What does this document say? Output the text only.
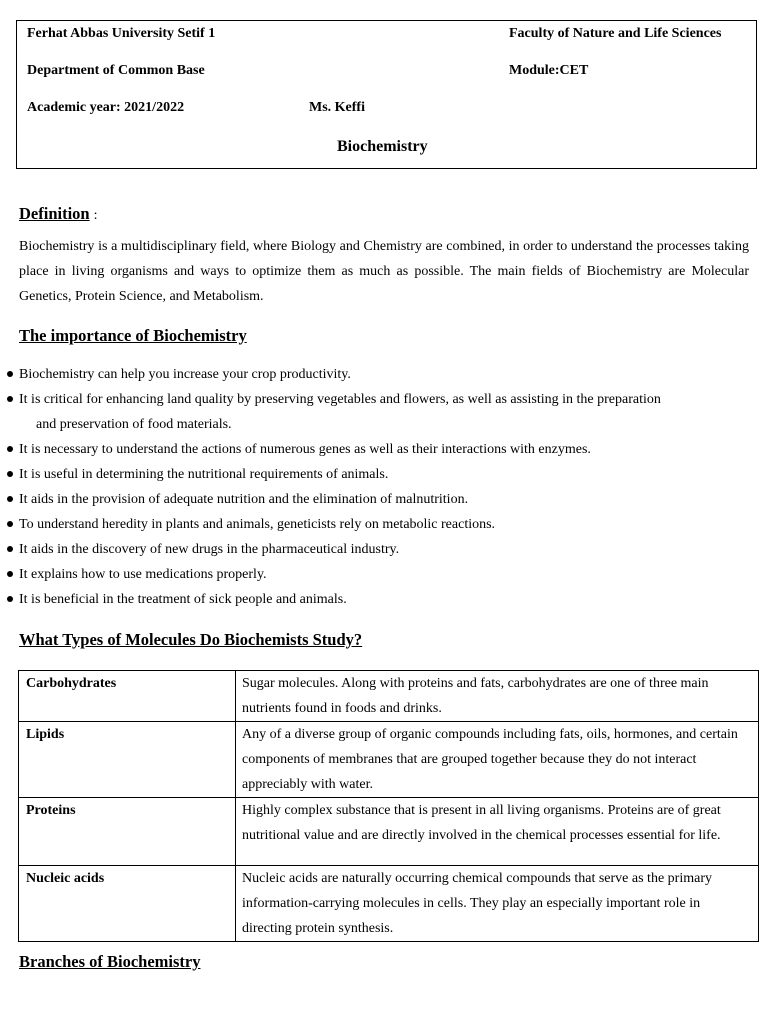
Ferhat Abbas University Setif 1	Faculty of Nature and Life Sciences
Department of Common Base	Module:CET
Academic year: 2021/2022	Ms. Keffi
Biochemistry
Definition :

Biochemistry is a multidisciplinary field, where Biology and Chemistry are combined, in order to understand the processes taking place in living organisms and ways to optimize them as much as possible. The main fields of Biochemistry are Molecular Genetics, Protein Science, and Metabolism.

The importance of Biochemistry
Biochemistry can help you increase your crop productivity.
It is critical for enhancing land quality by preserving vegetables and flowers, as well as assisting in the preparation
and preservation of food materials.
It is necessary to understand the actions of numerous genes as well as their interactions with enzymes.
It is useful in determining the nutritional requirements of animals.
It aids in the provision of adequate nutrition and the elimination of malnutrition.
To understand heredity in plants and animals, geneticists rely on metabolic reactions.
It aids in the discovery of new drugs in the pharmaceutical industry.
It explains how to use medications properly.
It is beneficial in the treatment of sick people and animals.
What Types of Molecules Do Biochemists Study?
Carbohydrates	Sugar molecules. Along with proteins and fats, carbohydrates are one of three main nutrients found in foods and drinks.
Lipids	Any of a diverse group of organic compounds including fats, oils, hormones, and certain components of membranes that are grouped together because they do not interact appreciably with water.
Proteins	Highly complex substance that is present in all living organisms. Proteins are of great nutritional value and are directly involved in the chemical processes essential for life.
Nucleic acids	Nucleic acids are naturally occurring chemical compounds that serve as the primary information-carrying molecules in cells. They play an especially important role in directing protein synthesis.
Branches of Biochemistry
